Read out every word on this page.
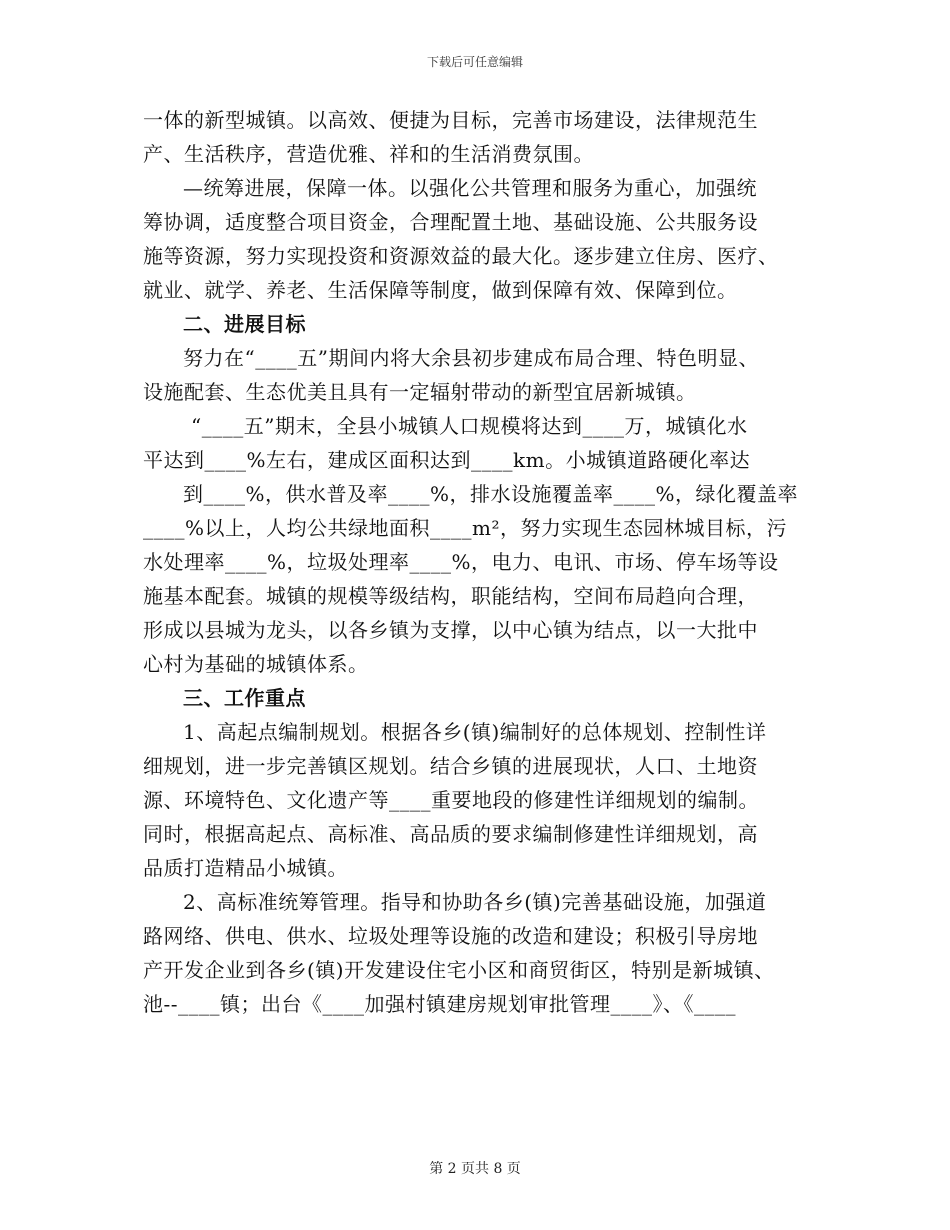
下载后可任意编辑
一体的新型城镇。以高效、便捷为目标，完善市场建设，法律规范生
产、生活秩序，营造优雅、祥和的生活消费氛围。
—统筹进展，保障一体。以强化公共管理和服务为重心，加强统
筹协调，适度整合项目资金，合理配置土地、基础设施、公共服务设
施等资源，努力实现投资和资源效益的最大化。逐步建立住房、医疗、
就业、就学、养老、生活保障等制度，做到保障有效、保障到位。
二、进展目标
努力在“____五”期间内将大余县初步建成布局合理、特色明显、
设施配套、生态优美且具有一定辐射带动的新型宜居新城镇。
“____五”期末，全县小城镇人口规模将达到____万，城镇化水
平达到____%左右，建成区面积达到____km。小城镇道路硬化率达
到____%，供水普及率____%，排水设施覆盖率____%，绿化覆盖率
____%以上，人均公共绿地面积____m²，努力实现生态园林城目标，污
水处理率____%，垃圾处理率____%，电力、电讯、市场、停车场等设
施基本配套。城镇的规模等级结构，职能结构，空间布局趋向合理，
形成以县城为龙头，以各乡镇为支撑，以中心镇为结点，以一大批中
心村为基础的城镇体系。
三、工作重点
1、高起点编制规划。根据各乡(镇)编制好的总体规划、控制性详
细规划，进一步完善镇区规划。结合乡镇的进展现状，人口、土地资
源、环境特色、文化遗产等____重要地段的修建性详细规划的编制。
同时，根据高起点、高标准、高品质的要求编制修建性详细规划，高
品质打造精品小城镇。
2、高标准统筹管理。指导和协助各乡(镇)完善基础设施，加强道
路网络、供电、供水、垃圾处理等设施的改造和建设；积极引导房地
产开发企业到各乡(镇)开发建设住宅小区和商贸街区，特别是新城镇、
池--____镇；出台《____加强村镇建房规划审批管理____》、《____
第 2 页共 8 页
